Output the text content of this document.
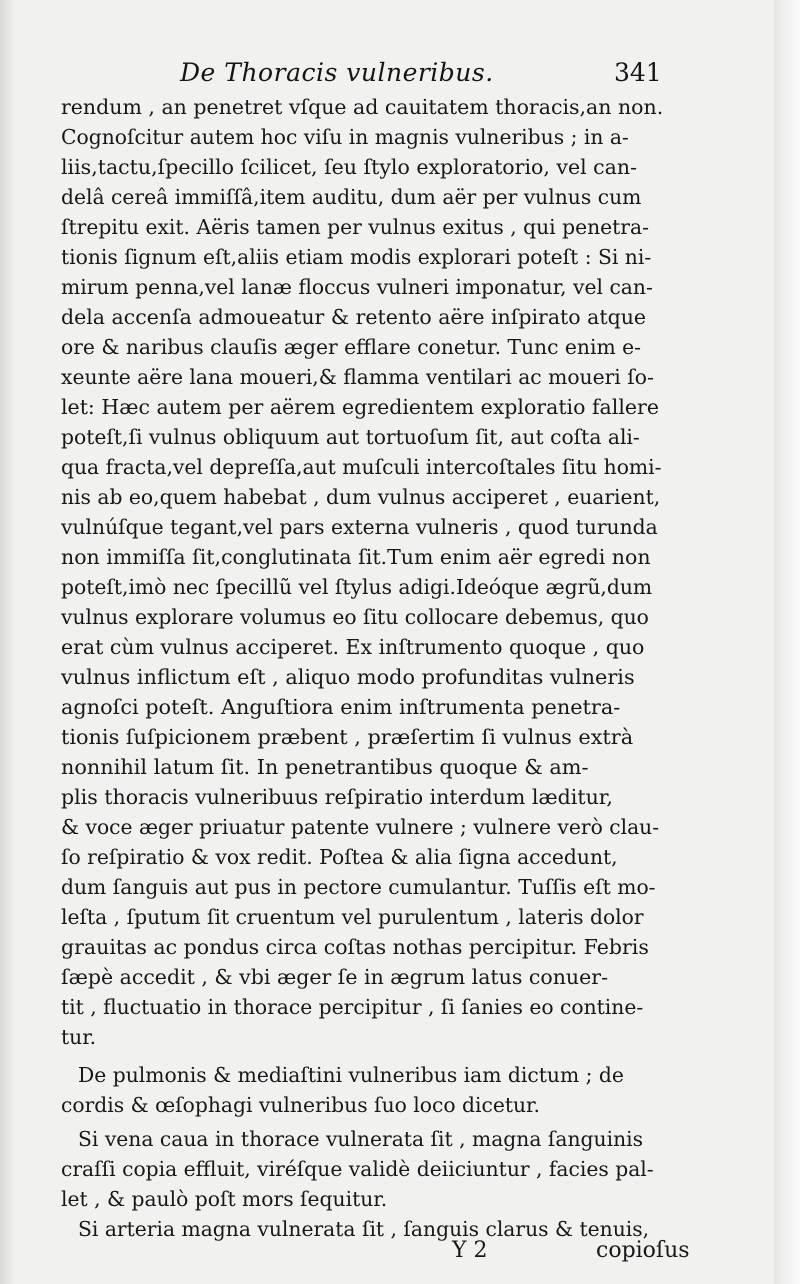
De Thoracis vulneribus.	341
rendum , an penetret vſque ad cauitatem thoracis,an non.
Cognoſcitur autem hoc viſu in magnis vulneribus ; in a-
liis,tactu,ſpecillo ſcilicet, ſeu ſtylo exploratorio, vel can-
delâ cereâ immiſſâ,item auditu, dum aër per vulnus cum
ſtrepitu exit. Aëris tamen per vulnus exitus , qui penetra-
tionis ſignum eſt,aliis etiam modis explorari poteſt : Si ni-
mirum penna,vel lanæ floccus vulneri imponatur, vel can-
dela accenſa admoueatur & retento aëre inſpirato atque
ore & naribus clauſis æger efflare conetur. Tunc enim e-
xeunte aëre lana moueri,& flamma ventilari ac moueri ſo-
let: Hæc autem per aërem egredientem exploratio fallere
poteſt,ſi vulnus obliquum aut tortuoſum ſit, aut coſta ali-
qua fracta,vel depreſſa,aut muſculi intercoſtales ſitu homi-
nis ab eo,quem habebat , dum vulnus acciperet , euarient,
vulnúſque tegant,vel pars externa vulneris , quod turunda
non immiſſa ſit,conglutinata ſit.Tum enim aër egredi non
poteſt,imò nec ſpecillũ vel ſtylus adigi.Ideóque ægrũ,dum
vulnus explorare volumus eo ſitu collocare debemus, quo
erat cùm vulnus acciperet. Ex inſtrumento quoque , quo
vulnus inflictum eſt , aliquo modo profunditas vulneris
agnoſci poteſt. Anguſtiora enim inſtrumenta penetra-
tionis ſuſpicionem præbent , præſertim ſi vulnus extrà
nonnihil latum ſit. In penetrantibus quoque & am-
plis thoracis vulneribuus reſpiratio interdum læditur,
& voce æger priuatur patente vulnere ; vulnere verò clau-
ſo reſpiratio & vox redit. Poſtea & alia ſigna accedunt,
dum ſanguis aut pus in pectore cumulantur. Tuſſis eſt mo-
leſta , ſputum ſit cruentum vel purulentum , lateris dolor
grauitas ac pondus circa coſtas nothas percipitur. Febris
ſæpè accedit , & vbi æger ſe in ægrum latus conuer-
tit , fluctuatio in thorace percipitur , ſi ſanies eo contine-
tur.
De pulmonis & mediaſtini vulneribus iam dictum ; de
cordis & œſophagi vulneribus ſuo loco dicetur.
Si vena caua in thorace vulnerata ſit , magna ſanguinis
craſſi copia effluit, viréſque validè deiiciuntur , facies pal-
let , & paulò poſt mors ſequitur.
Si arteria magna vulnerata ſit , ſanguis clarus & tenuis,
Y 2	copioſus
